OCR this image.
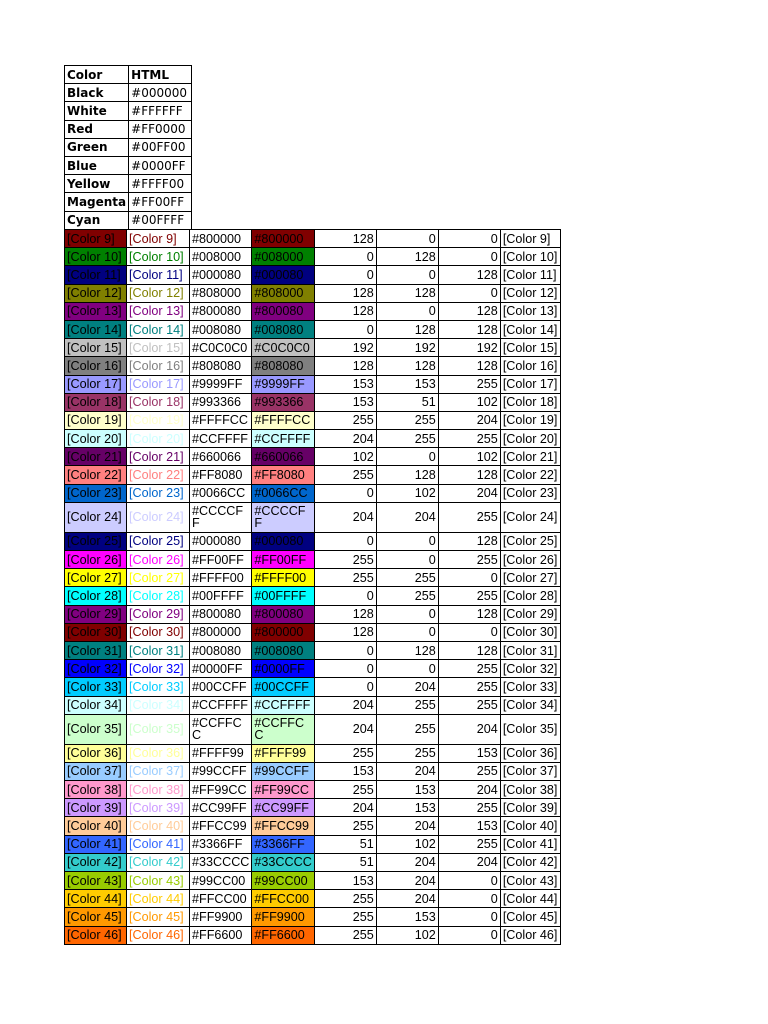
Color	HTML
Black	#000000
White	#FFFFFF
Red	#FF0000
Green	#00FF00
Blue	#0000FF
Yellow	#FFFF00
Magenta	#FF00FF
Cyan	#00FFFF
[Color 9]	[Color 9]	#800000	#800000	128	0	0	[Color 9]
[Color 10]	[Color 10]	#008000	#008000	0	128	0	[Color 10]
[Color 11]	[Color 11]	#000080	#000080	0	0	128	[Color 11]
[Color 12]	[Color 12]	#808000	#808000	128	128	0	[Color 12]
[Color 13]	[Color 13]	#800080	#800080	128	0	128	[Color 13]
[Color 14]	[Color 14]	#008080	#008080	0	128	128	[Color 14]
[Color 15]	[Color 15]	#C0C0C0	#C0C0C0	192	192	192	[Color 15]
[Color 16]	[Color 16]	#808080	#808080	128	128	128	[Color 16]
[Color 17]	[Color 17]	#9999FF	#9999FF	153	153	255	[Color 17]
[Color 18]	[Color 18]	#993366	#993366	153	51	102	[Color 18]
[Color 19]	[Color 19]	#FFFFCC	#FFFFCC	255	255	204	[Color 19]
[Color 20]	[Color 20]	#CCFFFF	#CCFFFF	204	255	255	[Color 20]
[Color 21]	[Color 21]	#660066	#660066	102	0	102	[Color 21]
[Color 22]	[Color 22]	#FF8080	#FF8080	255	128	128	[Color 22]
[Color 23]	[Color 23]	#0066CC	#0066CC	0	102	204	[Color 23]
[Color 24]	[Color 24]	#CCCCFF	#CCCCFF	204	204	255	[Color 24]
[Color 25]	[Color 25]	#000080	#000080	0	0	128	[Color 25]
[Color 26]	[Color 26]	#FF00FF	#FF00FF	255	0	255	[Color 26]
[Color 27]	[Color 27]	#FFFF00	#FFFF00	255	255	0	[Color 27]
[Color 28]	[Color 28]	#00FFFF	#00FFFF	0	255	255	[Color 28]
[Color 29]	[Color 29]	#800080	#800080	128	0	128	[Color 29]
[Color 30]	[Color 30]	#800000	#800000	128	0	0	[Color 30]
[Color 31]	[Color 31]	#008080	#008080	0	128	128	[Color 31]
[Color 32]	[Color 32]	#0000FF	#0000FF	0	0	255	[Color 32]
[Color 33]	[Color 33]	#00CCFF	#00CCFF	0	204	255	[Color 33]
[Color 34]	[Color 34]	#CCFFFF	#CCFFFF	204	255	255	[Color 34]
[Color 35]	[Color 35]	#CCFFCC	#CCFFCC	204	255	204	[Color 35]
[Color 36]	[Color 36]	#FFFF99	#FFFF99	255	255	153	[Color 36]
[Color 37]	[Color 37]	#99CCFF	#99CCFF	153	204	255	[Color 37]
[Color 38]	[Color 38]	#FF99CC	#FF99CC	255	153	204	[Color 38]
[Color 39]	[Color 39]	#CC99FF	#CC99FF	204	153	255	[Color 39]
[Color 40]	[Color 40]	#FFCC99	#FFCC99	255	204	153	[Color 40]
[Color 41]	[Color 41]	#3366FF	#3366FF	51	102	255	[Color 41]
[Color 42]	[Color 42]	#33CCCC	#33CCCC	51	204	204	[Color 42]
[Color 43]	[Color 43]	#99CC00	#99CC00	153	204	0	[Color 43]
[Color 44]	[Color 44]	#FFCC00	#FFCC00	255	204	0	[Color 44]
[Color 45]	[Color 45]	#FF9900	#FF9900	255	153	0	[Color 45]
[Color 46]	[Color 46]	#FF6600	#FF6600	255	102	0	[Color 46]
